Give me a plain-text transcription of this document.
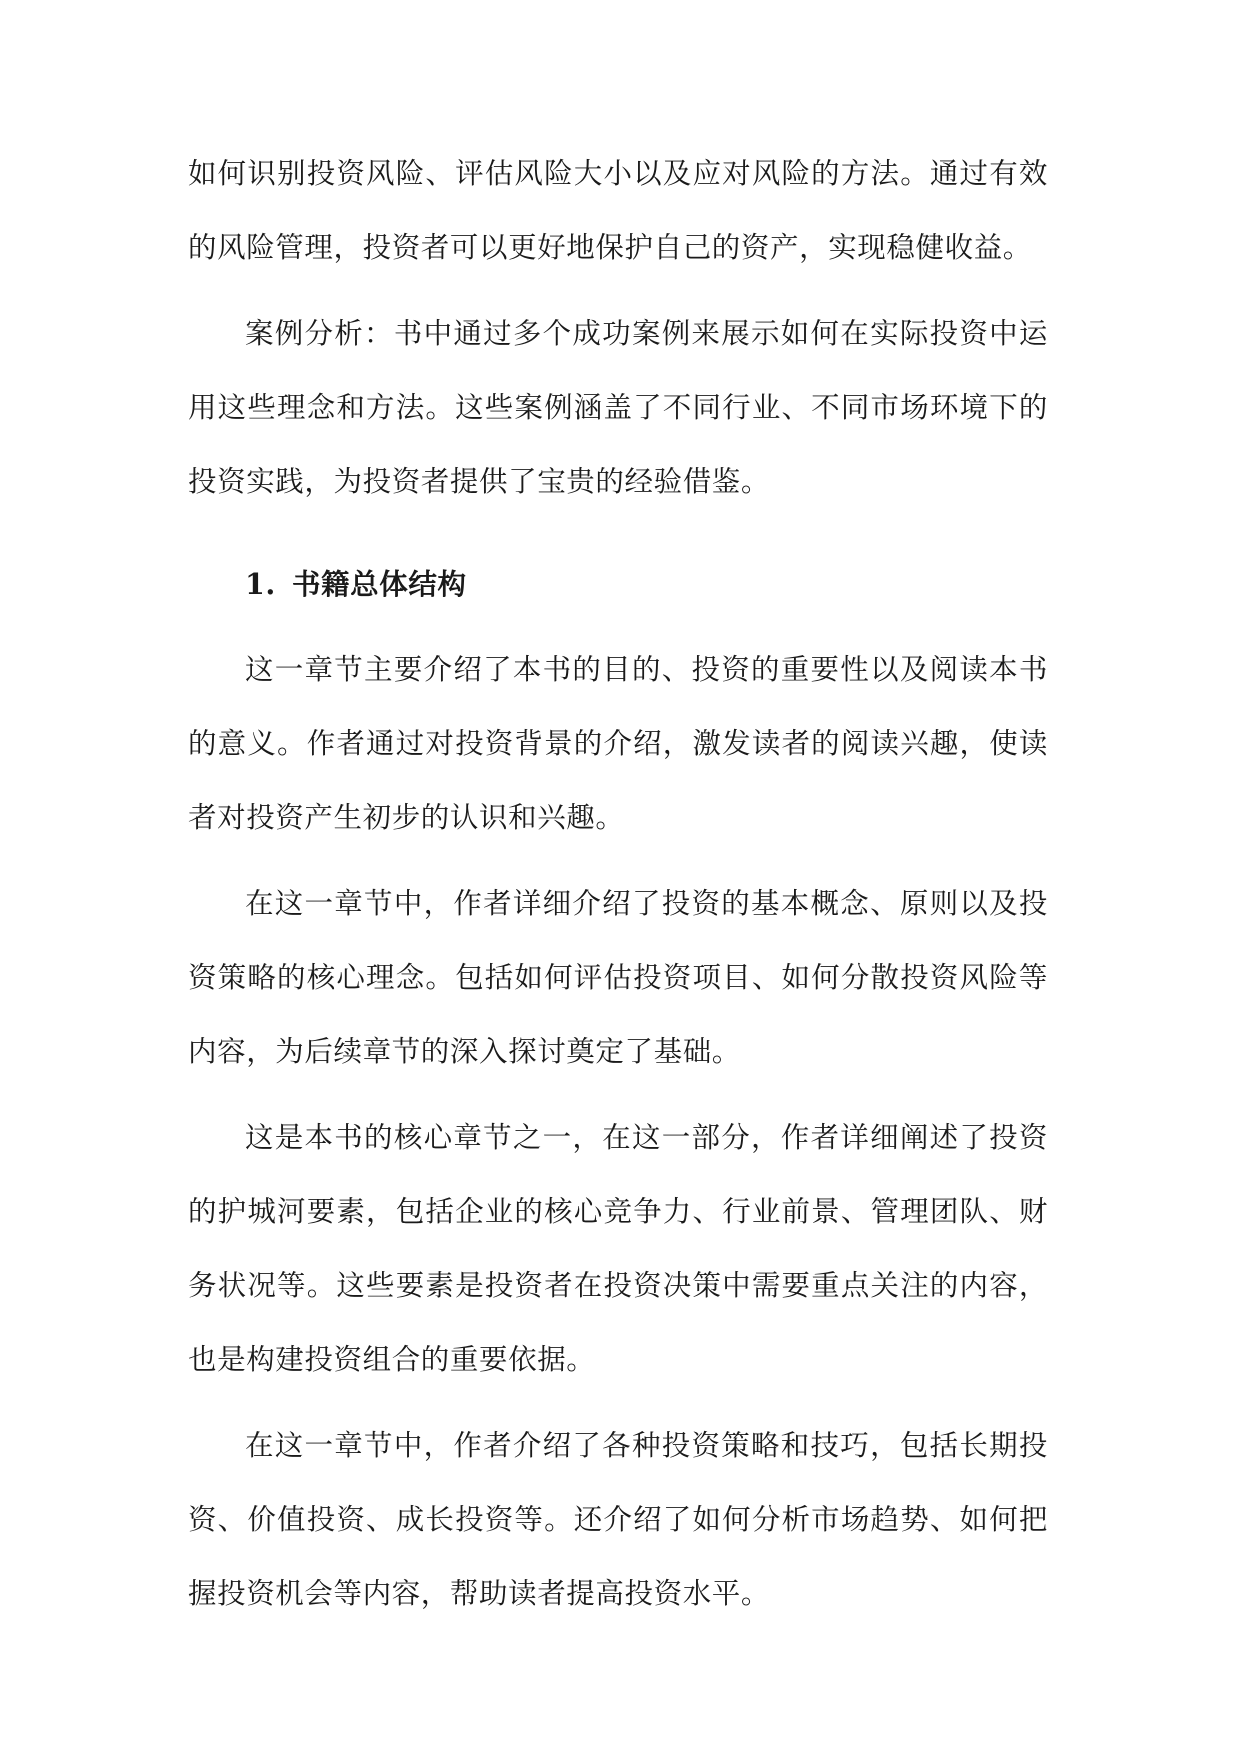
如何识别投资风险、评估风险大小以及应对风险的方法。通过有效的风险管理，投资者可以更好地保护自己的资产，实现稳健收益。

案例分析：书中通过多个成功案例来展示如何在实际投资中运用这些理念和方法。这些案例涵盖了不同行业、不同市场环境下的投资实践，为投资者提供了宝贵的经验借鉴。

1. 书籍总体结构

这一章节主要介绍了本书的目的、投资的重要性以及阅读本书的意义。作者通过对投资背景的介绍，激发读者的阅读兴趣，使读者对投资产生初步的认识和兴趣。

在这一章节中，作者详细介绍了投资的基本概念、原则以及投资策略的核心理念。包括如何评估投资项目、如何分散投资风险等内容，为后续章节的深入探讨奠定了基础。

这是本书的核心章节之一，在这一部分，作者详细阐述了投资的护城河要素，包括企业的核心竞争力、行业前景、管理团队、财务状况等。这些要素是投资者在投资决策中需要重点关注的内容，也是构建投资组合的重要依据。

在这一章节中，作者介绍了各种投资策略和技巧，包括长期投资、价值投资、成长投资等。还介绍了如何分析市场趋势、如何把握投资机会等内容，帮助读者提高投资水平。
